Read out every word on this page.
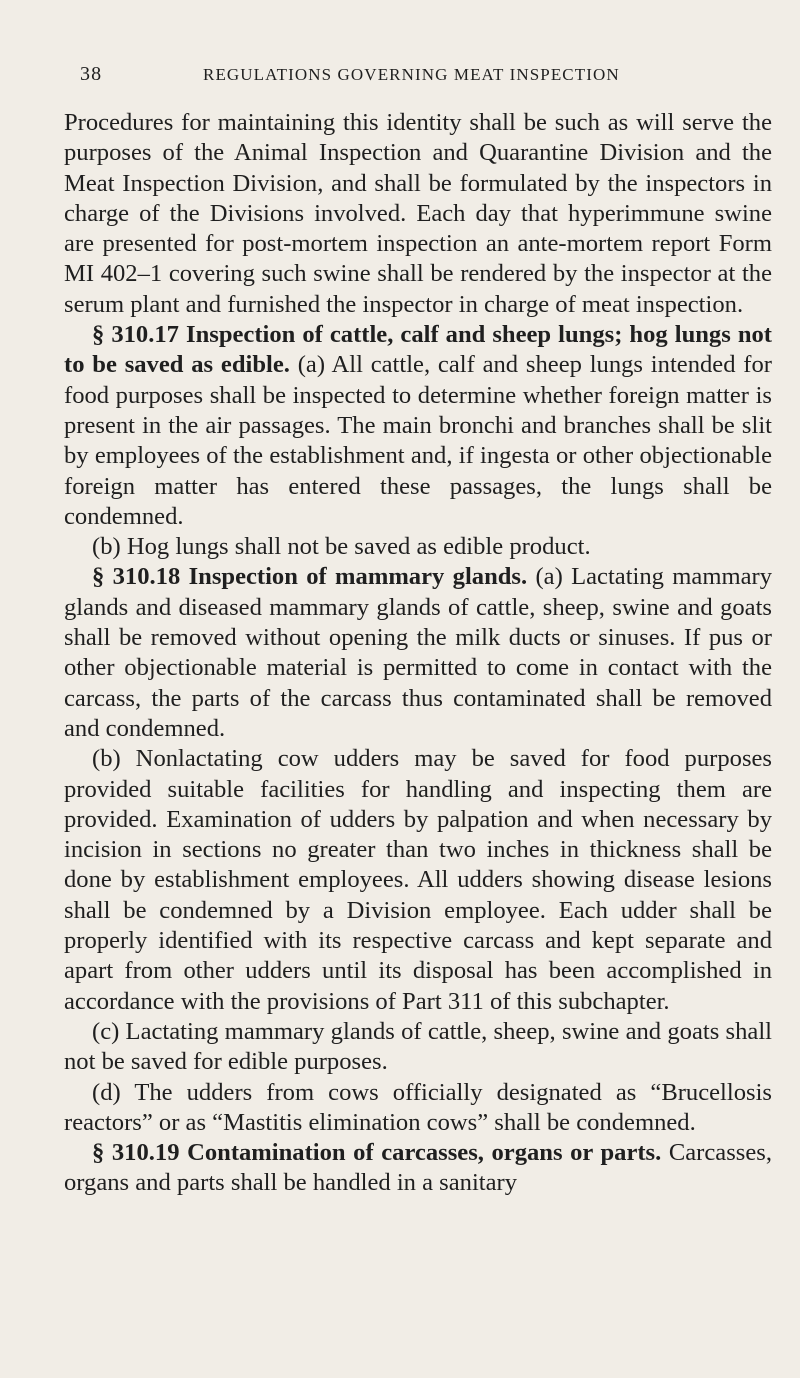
38	REGULATIONS GOVERNING MEAT INSPECTION

Procedures for maintaining this identity shall be such as will serve the purposes of the Animal Inspection and Quarantine Division and the Meat Inspection Division, and shall be formulated by the inspectors in charge of the Divisions involved. Each day that hyperimmune swine are presented for post-mortem inspection an ante-mortem report Form MI 402–1 covering such swine shall be rendered by the inspector at the serum plant and furnished the inspector in charge of meat inspection.

§ 310.17 Inspection of cattle, calf and sheep lungs; hog lungs not to be saved as edible. (a) All cattle, calf and sheep lungs intended for food purposes shall be inspected to determine whether foreign matter is present in the air passages. The main bronchi and branches shall be slit by employees of the establishment and, if ingesta or other objectionable foreign matter has entered these passages, the lungs shall be condemned.

(b) Hog lungs shall not be saved as edible product.

§ 310.18 Inspection of mammary glands. (a) Lactating mammary glands and diseased mammary glands of cattle, sheep, swine and goats shall be removed without opening the milk ducts or sinuses. If pus or other objectionable material is permitted to come in contact with the carcass, the parts of the carcass thus contaminated shall be removed and condemned.

(b) Nonlactating cow udders may be saved for food purposes provided suitable facilities for handling and inspecting them are provided. Examination of udders by palpation and when necessary by incision in sections no greater than two inches in thickness shall be done by establishment employees. All udders showing disease lesions shall be condemned by a Division employee. Each udder shall be properly identified with its respective carcass and kept separate and apart from other udders until its disposal has been accomplished in accordance with the provisions of Part 311 of this subchapter.

(c) Lactating mammary glands of cattle, sheep, swine and goats shall not be saved for edible purposes.

(d) The udders from cows officially designated as “Brucellosis reactors” or as “Mastitis elimination cows” shall be condemned.

§ 310.19 Contamination of carcasses, organs or parts. Carcasses, organs and parts shall be handled in a sanitary
